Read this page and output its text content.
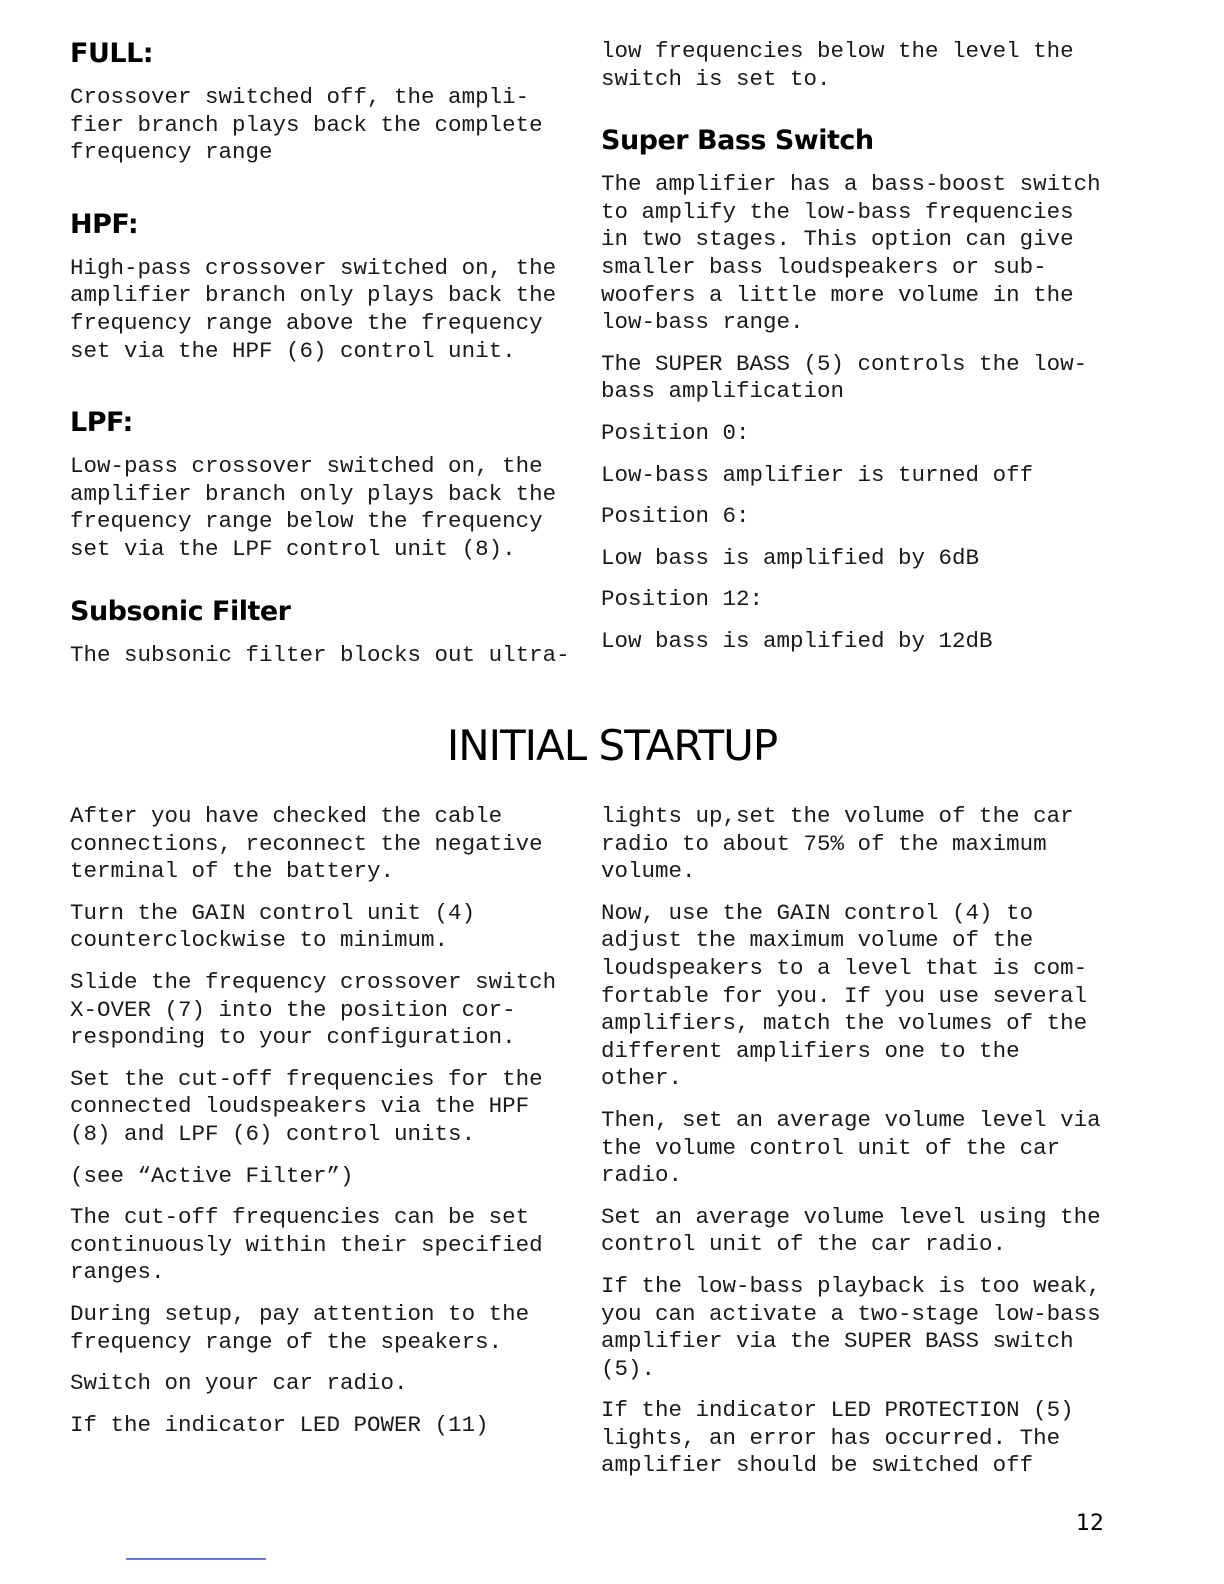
FULL:

Crossover switched off, the ampli-
fier branch plays back the complete
frequency range

HPF:

High-pass crossover switched on, the
amplifier branch only plays back the
frequency range above the frequency
set via the HPF (6) control unit.

LPF:

Low-pass crossover switched on, the
amplifier branch only plays back the
frequency range below the frequency
set via the LPF control unit (8).

Subsonic Filter

The subsonic filter blocks out ultra-

low frequencies below the level the
switch is set to.

Super Bass Switch

The amplifier has a bass-boost switch
to amplify the low-bass frequencies
in two stages. This option can give
smaller bass loudspeakers or sub-
woofers a little more volume in the
low-bass range.

The SUPER BASS (5) controls the low-
bass amplification

Position 0:

Low-bass amplifier is turned off

Position 6:

Low bass is amplified by 6dB

Position 12:

Low bass is amplified by 12dB

INITIAL STARTUP

After you have checked the cable
connections, reconnect the negative
terminal of the battery.

Turn the GAIN control unit (4)
counterclockwise to minimum.

Slide the frequency crossover switch
X-OVER (7) into the position cor-
responding to your configuration.

Set the cut-off frequencies for the
connected loudspeakers via the HPF
(8) and LPF (6) control units.

(see “Active Filter”)

The cut-off frequencies can be set
continuously within their specified
ranges.

During setup, pay attention to the
frequency range of the speakers.

Switch on your car radio.

If the indicator LED POWER (11)

lights up,set the volume of the car
radio to about 75% of the maximum
volume.

Now, use the GAIN control (4) to
adjust the maximum volume of the
loudspeakers to a level that is com-
fortable for you. If you use several
amplifiers, match the volumes of the
different amplifiers one to the other.

Then, set an average volume level via
the volume control unit of the car
radio.

Set an average volume level using the
control unit of the car radio.

If the low-bass playback is too weak,
you can activate a two-stage low-bass
amplifier via the SUPER BASS switch
(5).

If the indicator LED PROTECTION (5)
lights, an error has occurred. The
amplifier should be switched off

12
